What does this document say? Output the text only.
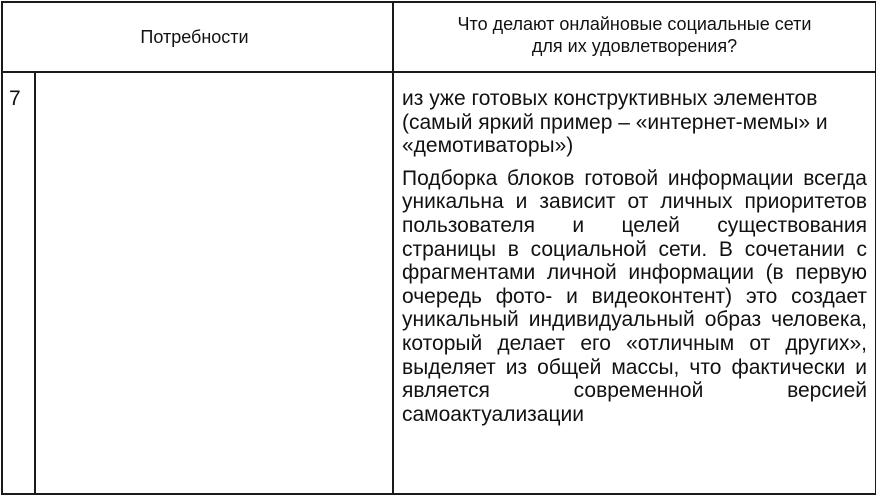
Потребности		Что делают онлайновые социальные сети
для их удовлетворения?
7		из уже готовых конструктивных элементов (самый яркий пример – «интернет-мемы» и «демотиваторы»)

Подборка блоков готовой информации всегда уникальна и зависит от личных приоритетов пользователя и целей существования страницы в социальной сети. В сочетании с фрагментами личной информации (в первую очередь фото- и видеоконтент) это создает уникальный индивидуальный образ человека, который делает его «отличным от других», выделяет из общей массы, что фактически и является современной версией самоактуализации
